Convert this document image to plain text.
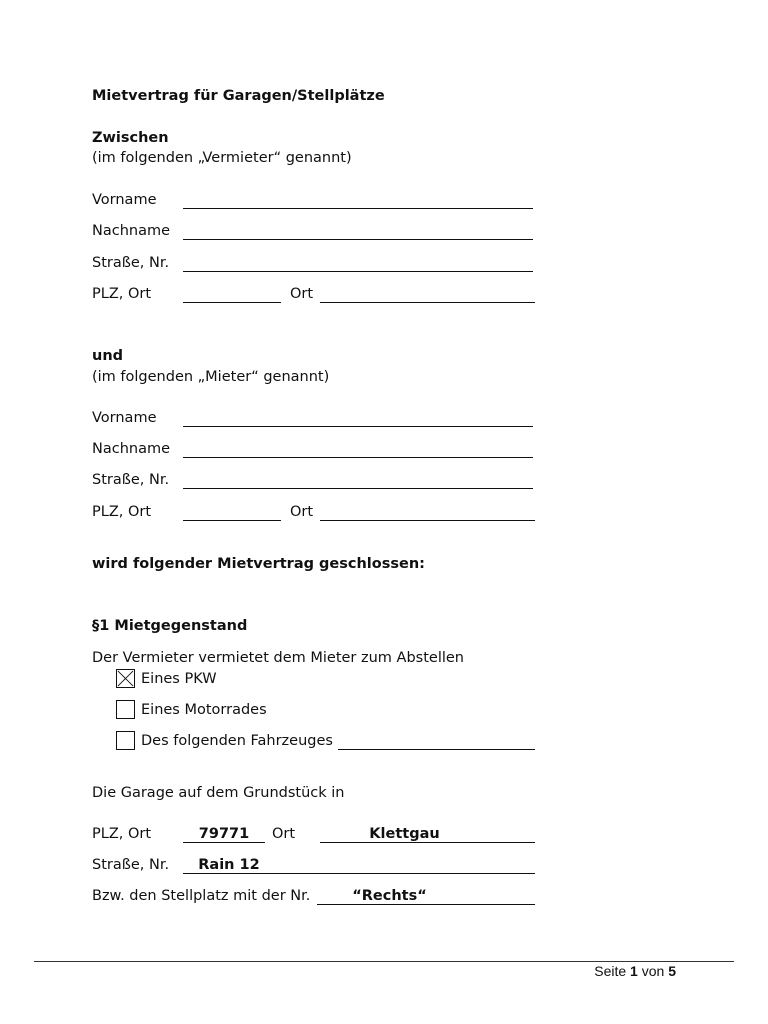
Mietvertrag für Garagen/Stellplätze
Zwischen
(im folgenden „Vermieter“ genannt)
Vorname
Nachname
Straße, Nr.
PLZ, Ort	Ort
und
(im folgenden „Mieter“ genannt)
Vorname
Nachname
Straße, Nr.
PLZ, Ort	Ort
wird folgender Mietvertrag geschlossen:
§1 Mietgegenstand
Der Vermieter vermietet dem Mieter zum Abstellen
Eines PKW
Eines Motorrades
Des folgenden Fahrzeuges
Die Garage auf dem Grundstück in
PLZ, Ort	79771	Ort	Klettgau
Straße, Nr.	Rain 12
Bzw. den Stellplatz mit der Nr.	“Rechts“
Seite 1 von 5
